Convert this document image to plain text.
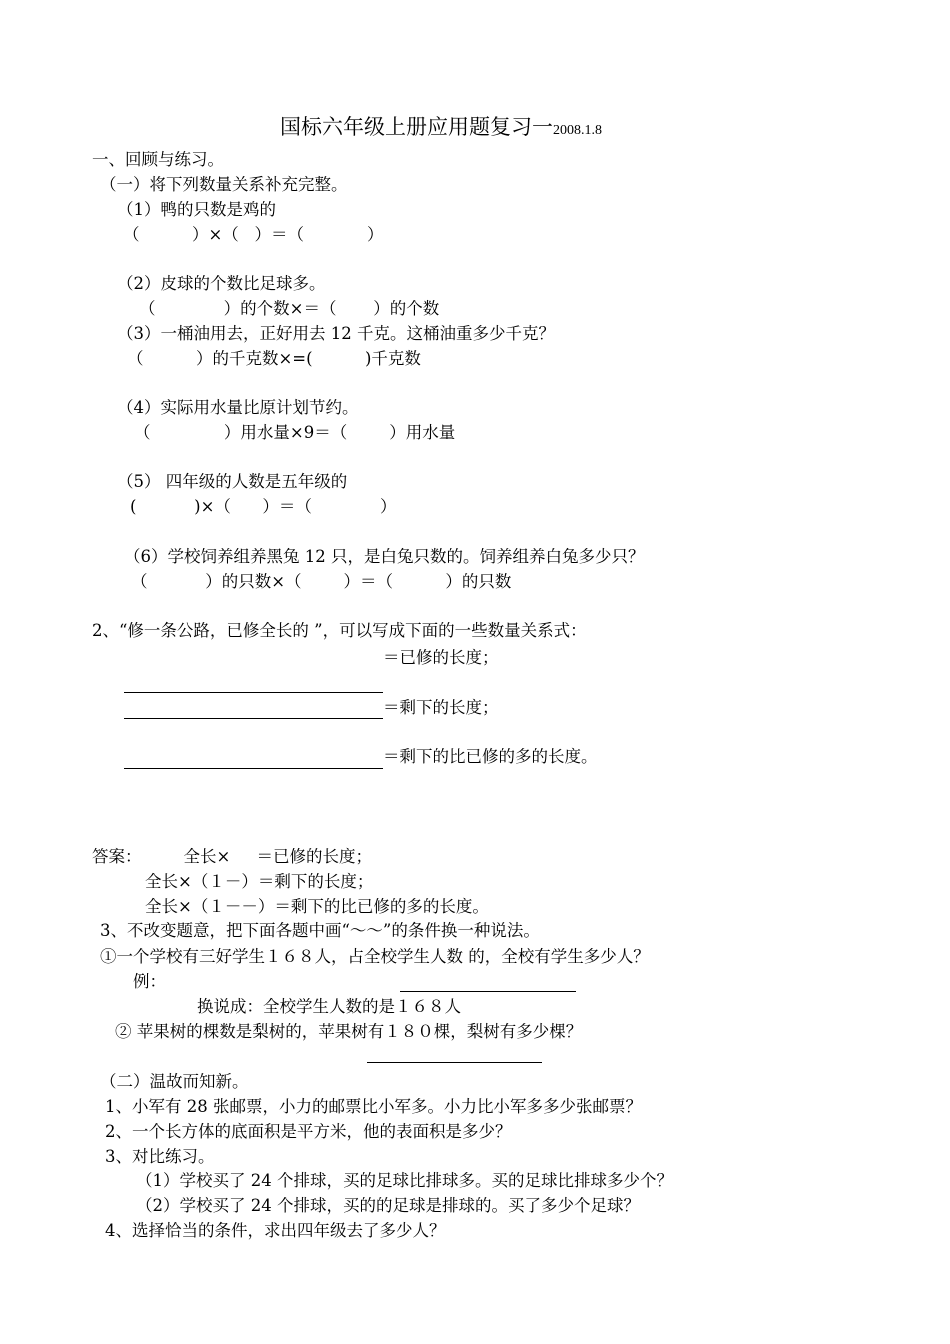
国标六年级上册应用题复习一2008.1.8
一、回顾与练习。
（一）将下列数量关系补充完整。
（1）鸭的只数是鸡的
（          ）×（   ）＝（            ）
（2）皮球的个数比足球多。
（             ）的个数×＝（       ）的个数
（3）一桶油用去，正好用去 12 千克。这桶油重多少千克？
（          ）的千克数×=(          )千克数
（4）实际用水量比原计划节约。
（              ）用水量×9＝（        ）用水量
（5） 四年级的人数是五年级的
(           )×（      ）＝（             ）
（6）学校饲养组养黑兔 12 只，是白兔只数的。饲养组养白兔多少只？
（           ）的只数×（        ）＝（          ）的只数
2、“修一条公路，已修全长的 ”，可以写成下面的一些数量关系式：
＝已修的长度；
＝剩下的长度；
＝剩下的比已修的多的长度。
答案：        全长×     ＝已修的长度；
全长×（１－）＝剩下的长度；
全长×（１－－）＝剩下的比已修的多的长度。
3、不改变题意，把下面各题中画“～～”的条件换一种说法。
①一个学校有三好学生１６８人，占全校学生人数 的，全校有学生多少人？
例：
换说成：全校学生人数的是１６８人
② 苹果树的棵数是梨树的，苹果树有１８０棵，梨树有多少棵？
（二）温故而知新。
1、小军有 28 张邮票，小力的邮票比小军多。小力比小军多多少张邮票？
2、一个长方体的底面积是平方米，他的表面积是多少？
3、对比练习。
（1）学校买了 24 个排球，买的足球比排球多。买的足球比排球多少个？
（2）学校买了 24 个排球，买的的足球是排球的。买了多少个足球？
4、选择恰当的条件，求出四年级去了多少人？
